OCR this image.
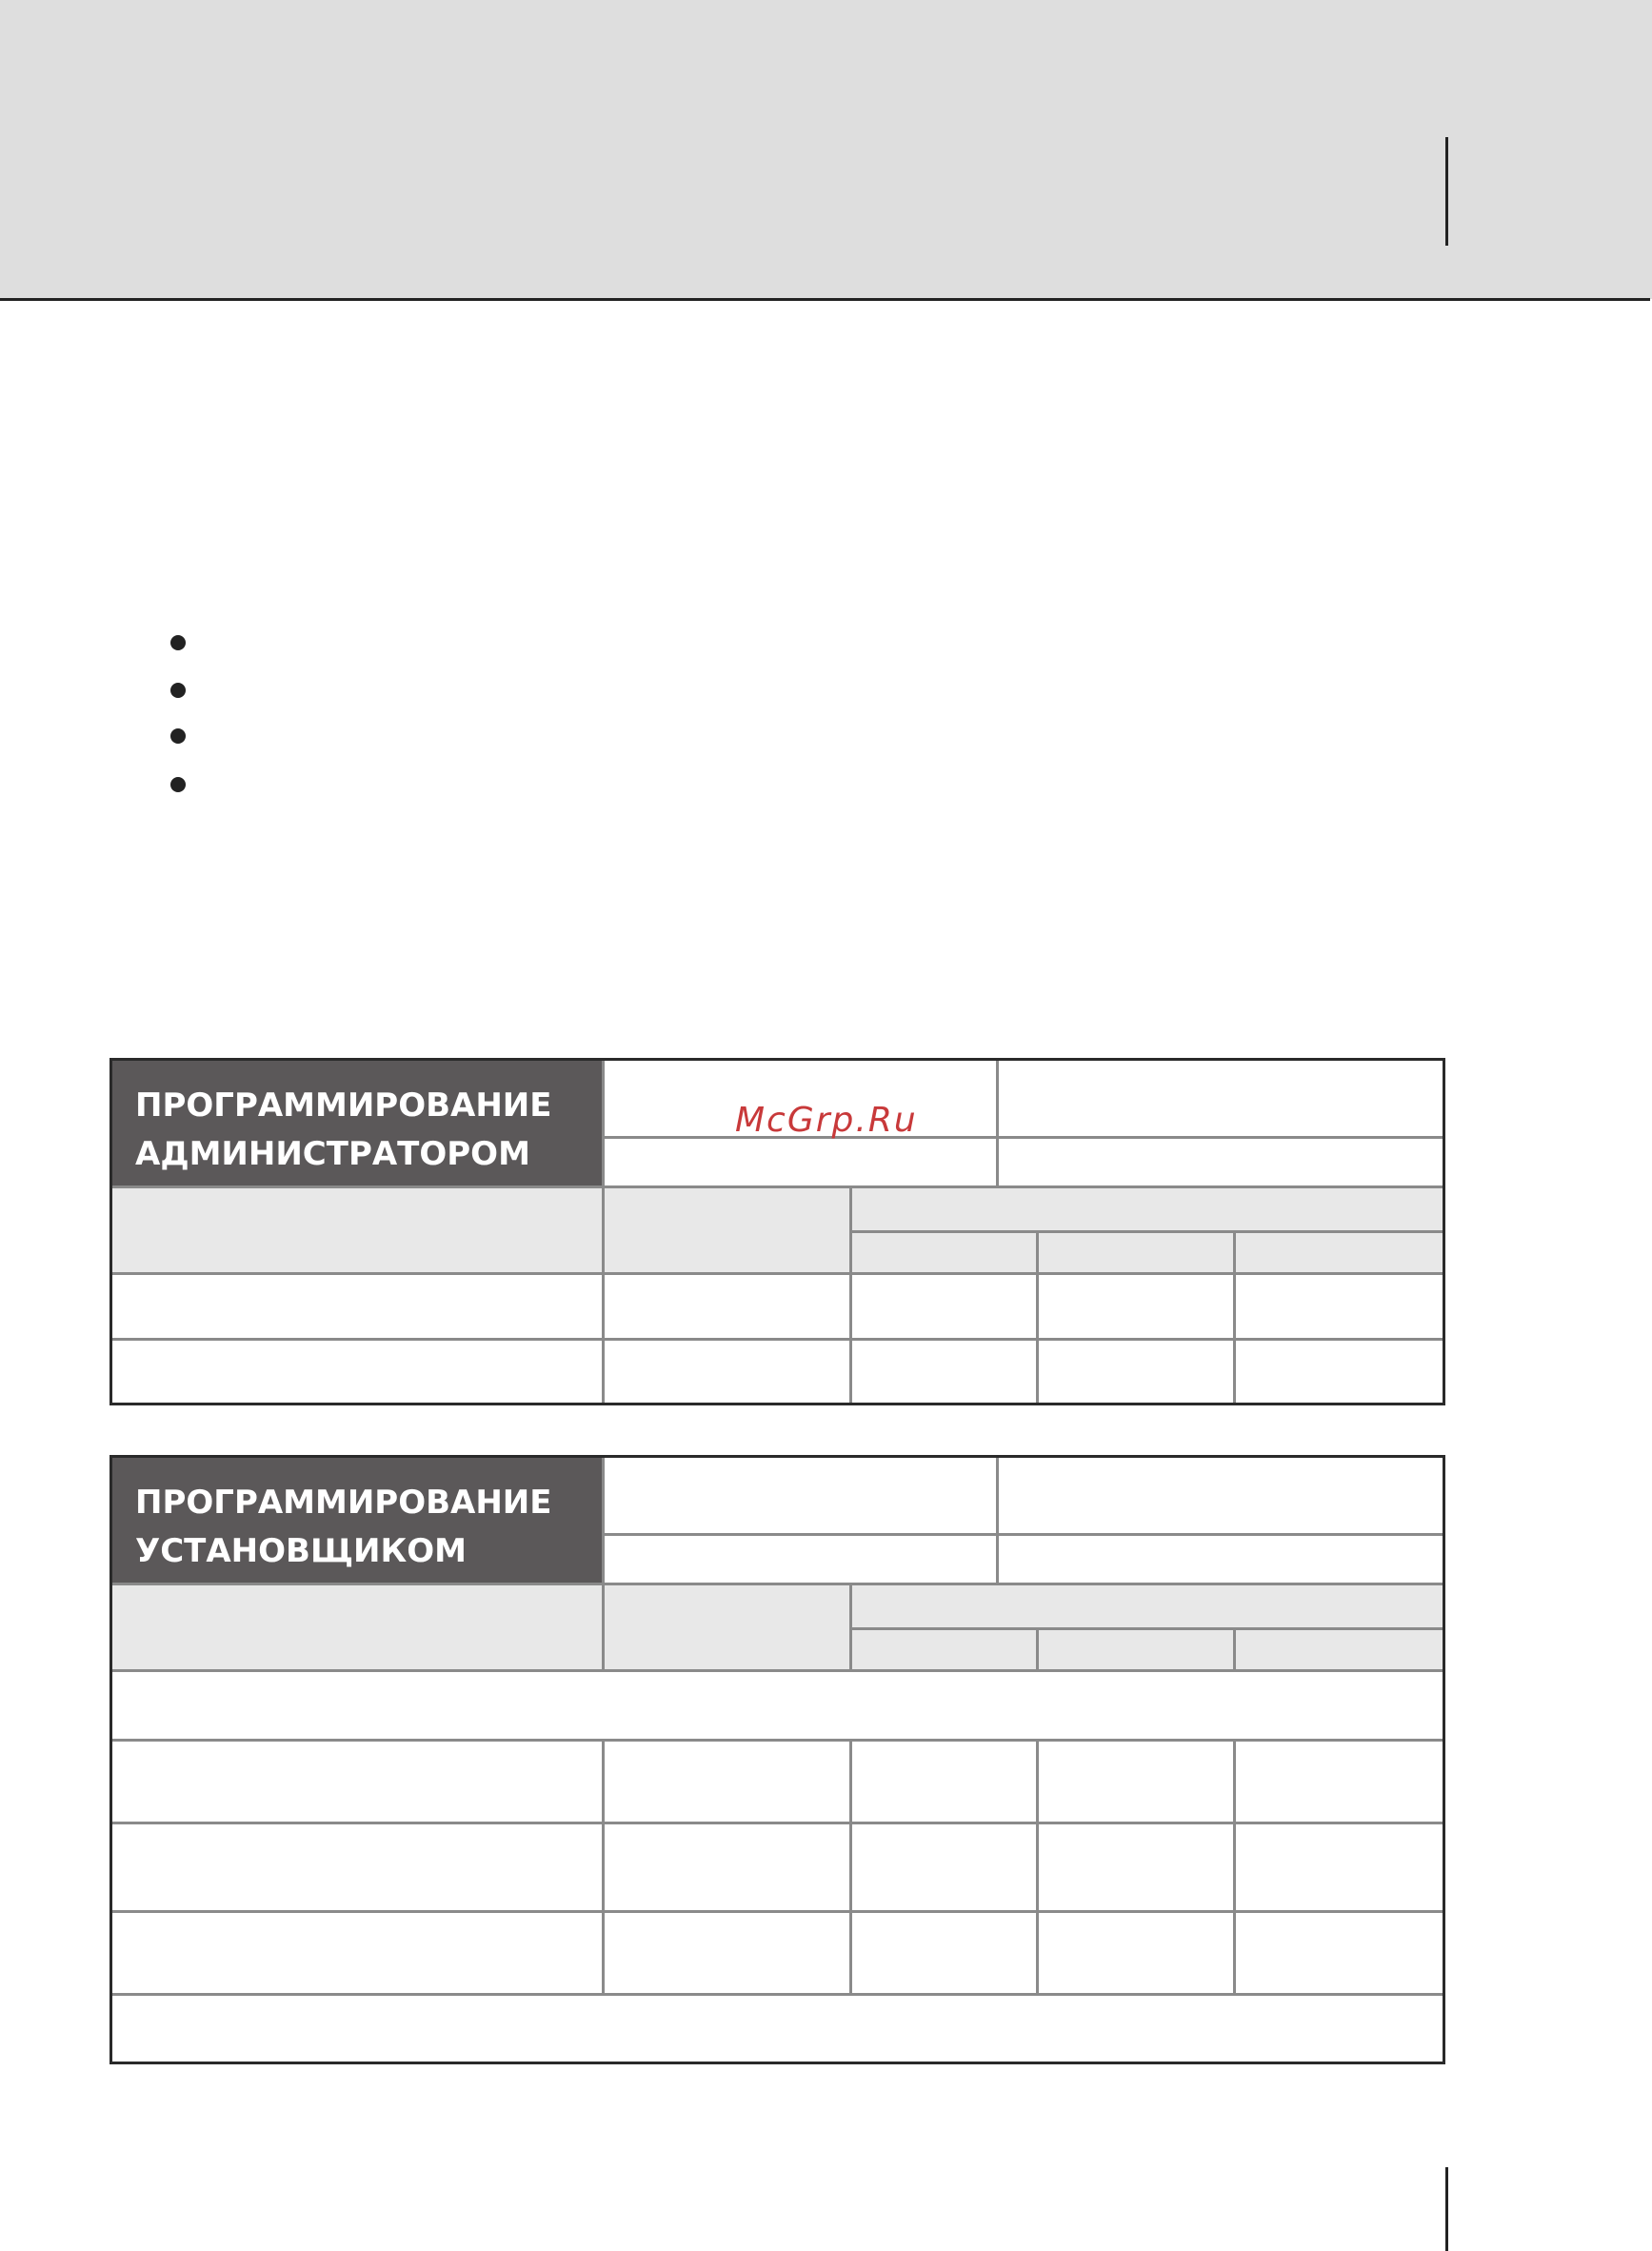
ПРОГРАММИРОВАНИЕ
АДМИНИСТРАТОРОМ
ПРОГРАММИРОВАНИЕ
УСТАНОВЩИКОМ
McGrp.Ru
